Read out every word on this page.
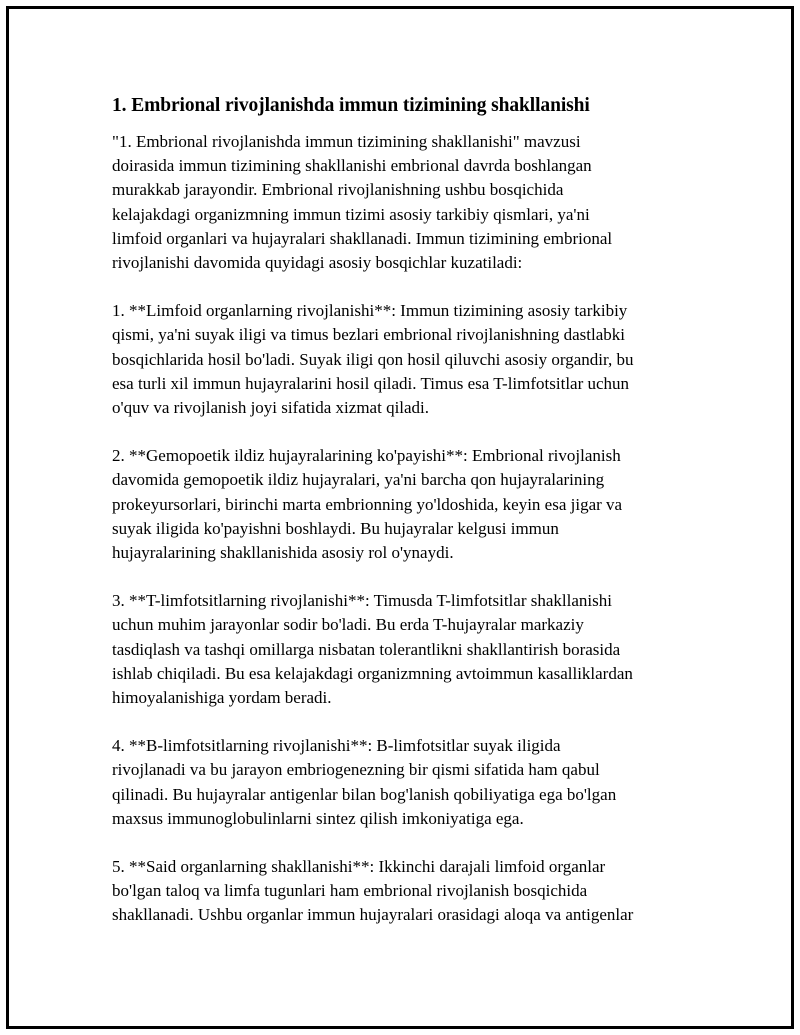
1. Embrional rivojlanishda immun tizimining shakllanishi

"1. Embrional rivojlanishda immun tizimining shakllanishi" mavzusi
doirasida immun tizimining shakllanishi embrional davrda boshlangan
murakkab jarayondir. Embrional rivojlanishning ushbu bosqichida
kelajakdagi organizmning immun tizimi asosiy tarkibiy qismlari, ya'ni
limfoid organlari va hujayralari shakllanadi. Immun tizimining embrional
rivojlanishi davomida quyidagi asosiy bosqichlar kuzatiladi:

1. **Limfoid organlarning rivojlanishi**: Immun tizimining asosiy tarkibiy
qismi, ya'ni suyak iligi va timus bezlari embrional rivojlanishning dastlabki
bosqichlarida hosil bo'ladi. Suyak iligi qon hosil qiluvchi asosiy organdir, bu
esa turli xil immun hujayralarini hosil qiladi. Timus esa T-limfotsitlar uchun
o'quv va rivojlanish joyi sifatida xizmat qiladi.

2. **Gemopoetik ildiz hujayralarining ko'payishi**: Embrional rivojlanish
davomida gemopoetik ildiz hujayralari, ya'ni barcha qon hujayralarining
prokeyursorlari, birinchi marta embrionning yo'ldoshida, keyin esa jigar va
suyak iligida ko'payishni boshlaydi. Bu hujayralar kelgusi immun
hujayralarining shakllanishida asosiy rol o'ynaydi.

3. **T-limfotsitlarning rivojlanishi**: Timusda T-limfotsitlar shakllanishi
uchun muhim jarayonlar sodir bo'ladi. Bu erda T-hujayralar markaziy
tasdiqlash va tashqi omillarga nisbatan tolerantlikni shakllantirish borasida
ishlab chiqiladi. Bu esa kelajakdagi organizmning avtoimmun kasalliklardan
himoyalanishiga yordam beradi.

4. **B-limfotsitlarning rivojlanishi**: B-limfotsitlar suyak iligida
rivojlanadi va bu jarayon embriogenezning bir qismi sifatida ham qabul
qilinadi. Bu hujayralar antigenlar bilan bog'lanish qobiliyatiga ega bo'lgan
maxsus immunoglobulinlarni sintez qilish imkoniyatiga ega.

5. **Said organlarning shakllanishi**: Ikkinchi darajali limfoid organlar
bo'lgan taloq va limfa tugunlari ham embrional rivojlanish bosqichida
shakllanadi. Ushbu organlar immun hujayralari orasidagi aloqa va antigenlar
